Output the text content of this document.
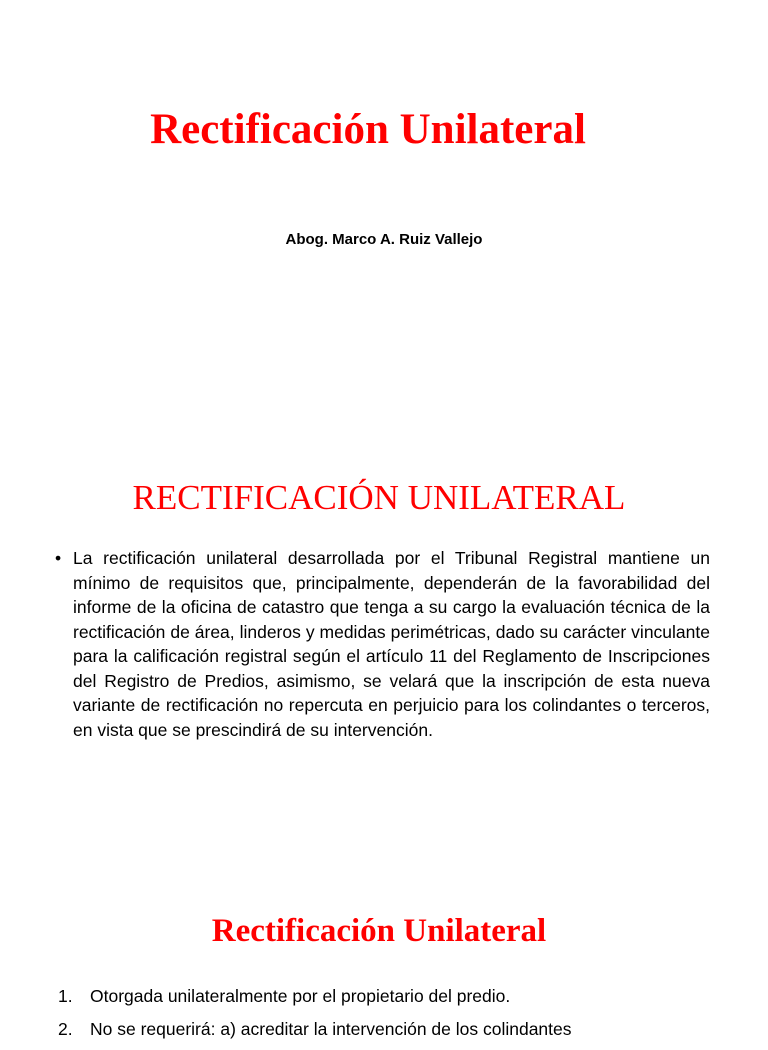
Rectificación Unilateral
Abog. Marco A. Ruiz Vallejo
RECTIFICACIÓN UNILATERAL
• La rectificación unilateral desarrollada por el Tribunal Registral mantiene un mínimo de requisitos que, principalmente, dependerán de la favorabilidad del informe de la oficina de catastro que tenga a su cargo la evaluación técnica de la rectificación de área, linderos y medidas perimétricas, dado su carácter vinculante para la calificación registral según el artículo 11 del Reglamento de Inscripciones del Registro de Predios, asimismo, se velará que la inscripción de esta nueva variante de rectificación no repercuta en perjuicio para los colindantes o terceros, en vista que se prescindirá de su intervención.
Rectificación Unilateral
1. Otorgada unilateralmente por el propietario del predio.
2. No se requerirá: a) acreditar la intervención de los colindantes
